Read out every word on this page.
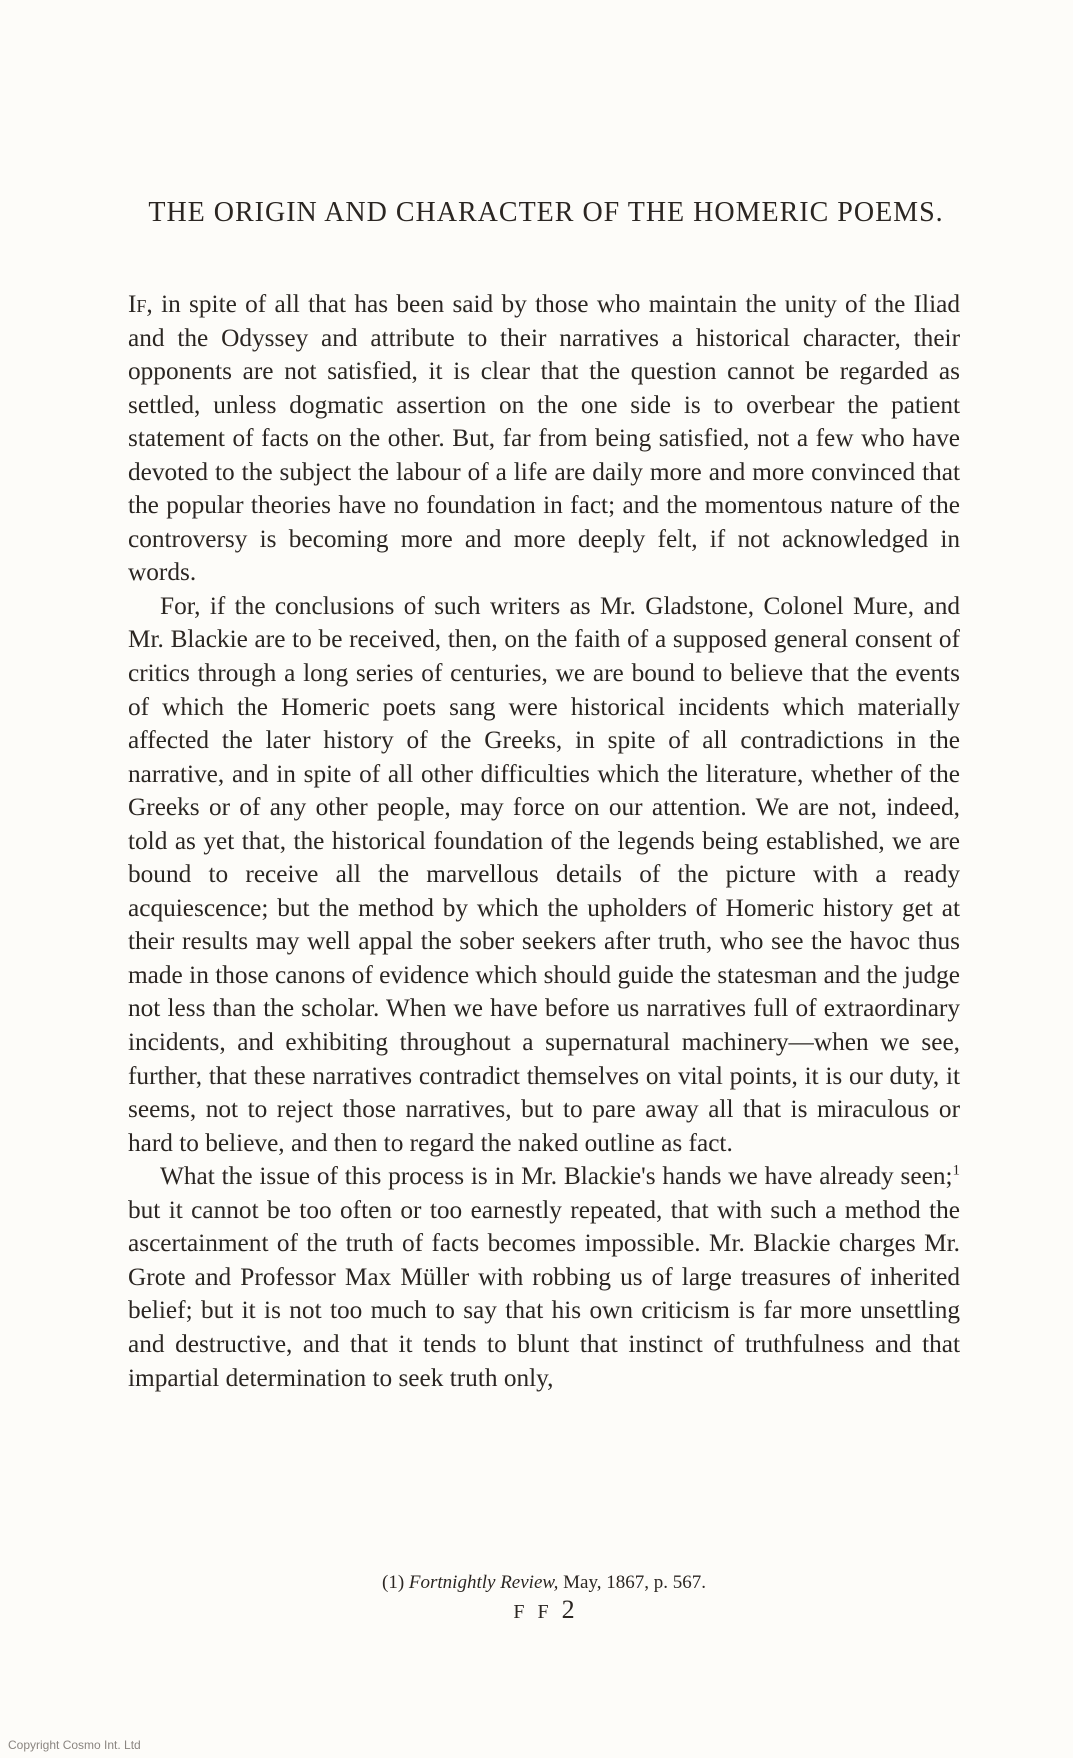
THE ORIGIN AND CHARACTER OF THE HOMERIC POEMS.

If, in spite of all that has been said by those who maintain the unity of the Iliad and the Odyssey and attribute to their narratives a historical character, their opponents are not satisfied, it is clear that the question cannot be regarded as settled, unless dogmatic assertion on the one side is to overbear the patient statement of facts on the other. But, far from being satisfied, not a few who have devoted to the subject the labour of a life are daily more and more convinced that the popular theories have no foundation in fact; and the momentous nature of the controversy is becoming more and more deeply felt, if not acknowledged in words.

For, if the conclusions of such writers as Mr. Gladstone, Colonel Mure, and Mr. Blackie are to be received, then, on the faith of a supposed general consent of critics through a long series of centuries, we are bound to believe that the events of which the Homeric poets sang were historical incidents which materially affected the later history of the Greeks, in spite of all contradictions in the narrative, and in spite of all other difficulties which the literature, whether of the Greeks or of any other people, may force on our attention. We are not, indeed, told as yet that, the historical foundation of the legends being established, we are bound to receive all the marvellous details of the picture with a ready acquiescence; but the method by which the upholders of Homeric history get at their results may well appal the sober seekers after truth, who see the havoc thus made in those canons of evidence which should guide the statesman and the judge not less than the scholar. When we have before us narratives full of extraordinary incidents, and exhibiting throughout a supernatural machinery—when we see, further, that these narratives contradict themselves on vital points, it is our duty, it seems, not to reject those narratives, but to pare away all that is miraculous or hard to believe, and then to regard the naked outline as fact.

What the issue of this process is in Mr. Blackie's hands we have already seen;$^1$ but it cannot be too often or too earnestly repeated, that with such a method the ascertainment of the truth of facts becomes impossible. Mr. Blackie charges Mr. Grote and Professor Max Müller with robbing us of large treasures of inherited belief; but it is not too much to say that his own criticism is far more unsettling and destructive, and that it tends to blunt that instinct of truthfulness and that impartial determination to seek truth only,

(1) Fortnightly Review, May, 1867, p. 567.

F F 2

Copyright Cosmo Int. Ltd
